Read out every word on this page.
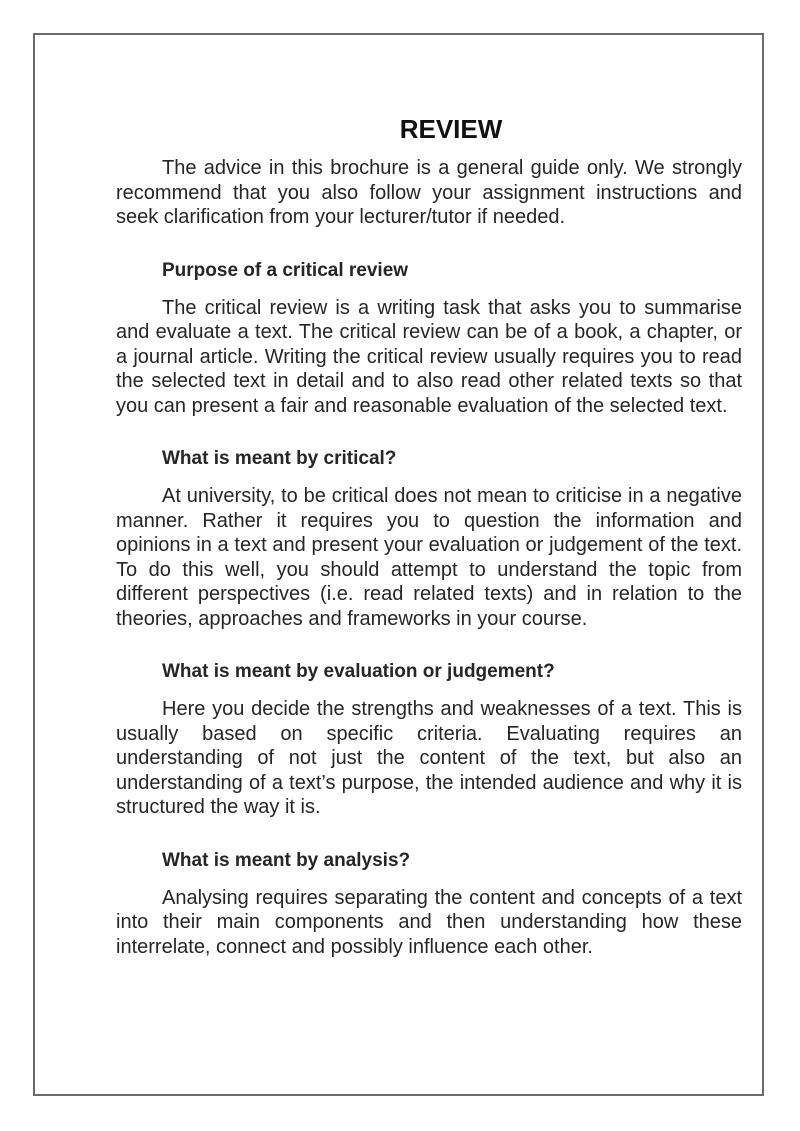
REVIEW

The advice in this brochure is a general guide only. We strongly recommend that you also follow your assignment instructions and seek clarification from your lecturer/tutor if needed.

Purpose of a critical review

The critical review is a writing task that asks you to summarise and evaluate a text. The critical review can be of a book, a chapter, or a journal article. Writing the critical review usually requires you to read the selected text in detail and to also read other related texts so that you can present a fair and reasonable evaluation of the selected text.

What is meant by critical?

At university, to be critical does not mean to criticise in a negative manner. Rather it requires you to question the information and opinions in a text and present your evaluation or judgement of the text. To do this well, you should attempt to understand the topic from different perspectives (i.e. read related texts) and in relation to the theories, approaches and frameworks in your course.

What is meant by evaluation or judgement?

Here you decide the strengths and weaknesses of a text. This is usually based on specific criteria. Evaluating requires an understanding of not just the content of the text, but also an understanding of a text’s purpose, the intended audience and why it is structured the way it is.

What is meant by analysis?

Analysing requires separating the content and concepts of a text into their main components and then understanding how these interrelate, connect and possibly influence each other.
